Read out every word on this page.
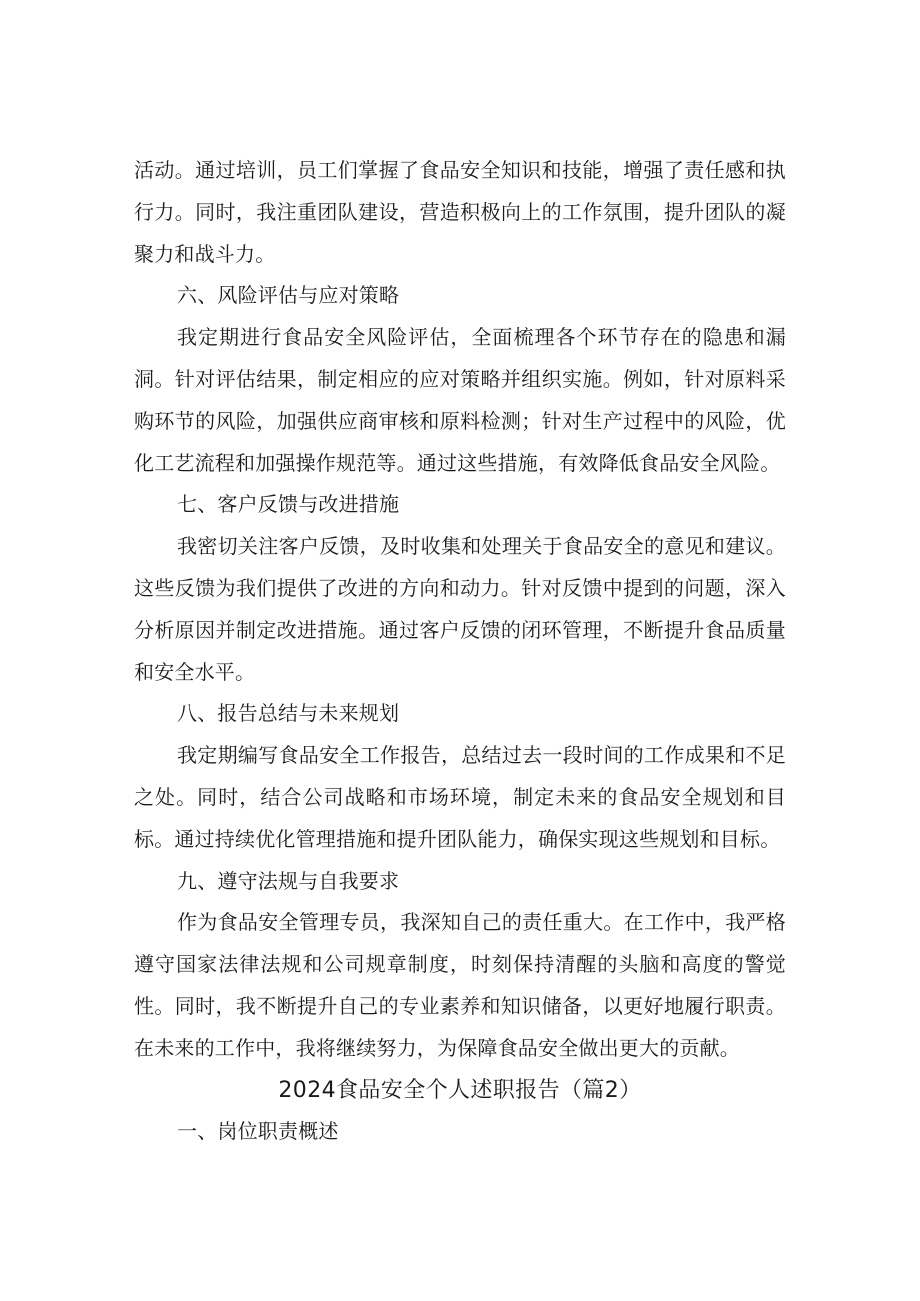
活动。通过培训，员工们掌握了食品安全知识和技能，增强了责任感和执行力。同时，我注重团队建设，营造积极向上的工作氛围，提升团队的凝聚力和战斗力。

六、风险评估与应对策略

我定期进行食品安全风险评估，全面梳理各个环节存在的隐患和漏洞。针对评估结果，制定相应的应对策略并组织实施。例如，针对原料采购环节的风险，加强供应商审核和原料检测；针对生产过程中的风险，优化工艺流程和加强操作规范等。通过这些措施，有效降低食品安全风险。

七、客户反馈与改进措施

我密切关注客户反馈，及时收集和处理关于食品安全的意见和建议。这些反馈为我们提供了改进的方向和动力。针对反馈中提到的问题，深入分析原因并制定改进措施。通过客户反馈的闭环管理，不断提升食品质量和安全水平。

八、报告总结与未来规划

我定期编写食品安全工作报告，总结过去一段时间的工作成果和不足之处。同时，结合公司战略和市场环境，制定未来的食品安全规划和目标。通过持续优化管理措施和提升团队能力，确保实现这些规划和目标。

九、遵守法规与自我要求

作为食品安全管理专员，我深知自己的责任重大。在工作中，我严格遵守国家法律法规和公司规章制度，时刻保持清醒的头脑和高度的警觉性。同时，我不断提升自己的专业素养和知识储备，以更好地履行职责。在未来的工作中，我将继续努力，为保障食品安全做出更大的贡献。

2024食品安全个人述职报告（篇2）

一、岗位职责概述
